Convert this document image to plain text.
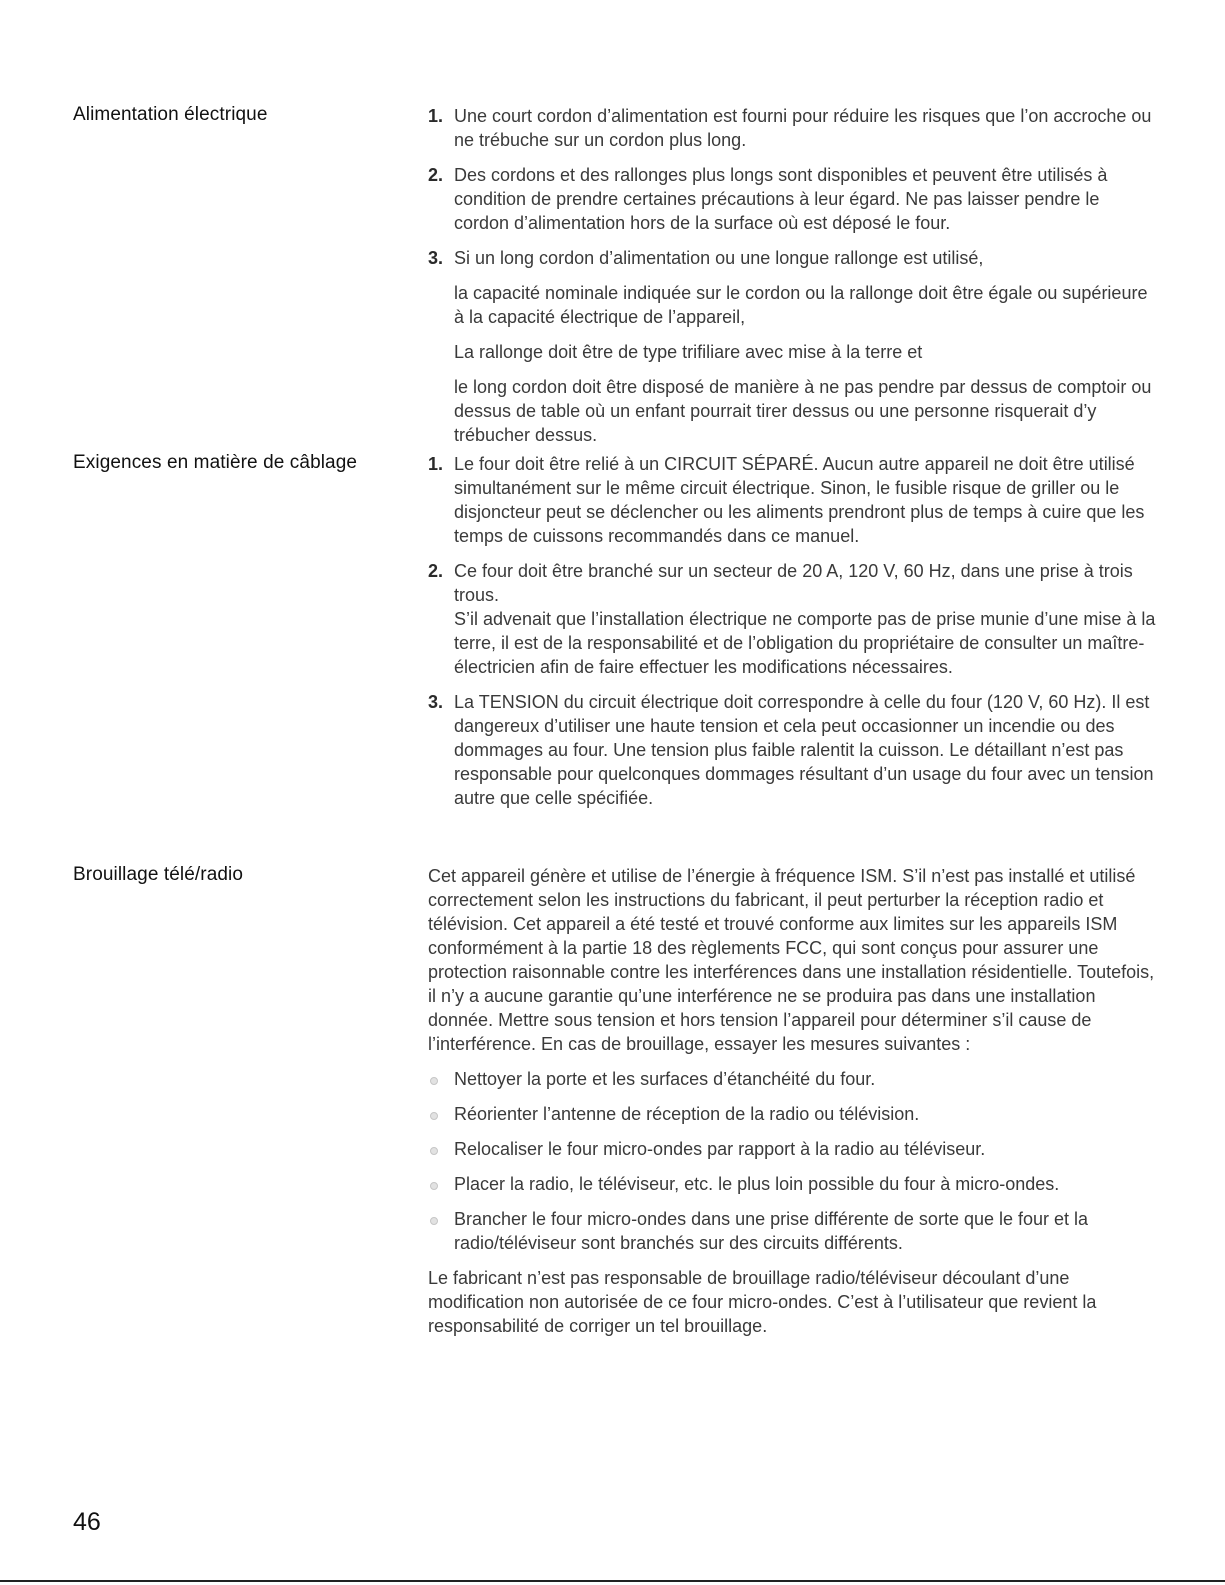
Alimentation électrique	1. Une court cordon d’alimentation est fourni pour réduire les risques que l’on accroche ou ne trébuche sur un cordon plus long.
2. Des cordons et des rallonges plus longs sont disponibles et peuvent être utilisés à condition de prendre certaines précautions à leur égard. Ne pas laisser pendre le cordon d’alimentation hors de la surface où est déposé le four.
3. Si un long cordon d’alimentation ou une longue rallonge est utilisé,
la capacité nominale indiquée sur le cordon ou la rallonge doit être égale ou supérieure à la capacité électrique de l’appareil,
La rallonge doit être de type trifiliare avec mise à la terre et
le long cordon doit être disposé de manière à ne pas pendre par dessus de comptoir ou dessus de table où un enfant pourrait tirer dessus ou une personne risquerait d’y trébucher dessus.
Exigences en matière de câblage	1. Le four doit être relié à un CIRCUIT SÉPARÉ. Aucun autre appareil ne doit être utilisé simultanément sur le même circuit électrique. Sinon, le fusible risque de griller ou le disjoncteur peut se déclencher ou les aliments prendront plus de temps à cuire que les temps de cuissons recommandés dans ce manuel.
2. Ce four doit être branché sur un secteur de 20 A, 120 V, 60 Hz, dans une prise à trois trous.
S’il advenait que l’installation électrique ne comporte pas de prise munie d’une mise à la terre, il est de la responsabilité et de l’obligation du propriétaire de consulter un maître-électricien afin de faire effectuer les modifications nécessaires.
3. La TENSION du circuit électrique doit correspondre à celle du four (120 V, 60 Hz). Il est dangereux d’utiliser une haute tension et cela peut occasionner un incendie ou des dommages au four. Une tension plus faible ralentit la cuisson. Le détaillant n’est pas responsable pour quelconques dommages résultant d’un usage du four avec un tension autre que celle spécifiée.
Brouillage télé/radio	Cet appareil génère et utilise de l’énergie à fréquence ISM. S’il n’est pas installé et utilisé correctement selon les instructions du fabricant, il peut perturber la réception radio et télévision. Cet appareil a été testé et trouvé conforme aux limites sur les appareils ISM conformément à la partie 18 des règlements FCC, qui sont conçus pour assurer une protection raisonnable contre les interférences dans une installation résidentielle. Toutefois, il n’y a aucune garantie qu’une interférence ne se produira pas dans une installation donnée. Mettre sous tension et hors tension l’appareil pour déterminer s’il cause de l’interférence. En cas de brouillage, essayer les mesures suivantes :
Nettoyer la porte et les surfaces d’étanchéité du four.
Réorienter l’antenne de réception de la radio ou télévision.
Relocaliser le four micro-ondes par rapport à la radio au téléviseur.
Placer la radio, le téléviseur, etc. le plus loin possible du four à micro-ondes.
Brancher le four micro-ondes dans une prise différente de sorte que le four et la radio/téléviseur sont branchés sur des circuits différents.
Le fabricant n’est pas responsable de brouillage radio/téléviseur découlant d’une modification non autorisée de ce four micro-ondes. C’est à l’utilisateur que revient la responsabilité de corriger un tel brouillage.
46
